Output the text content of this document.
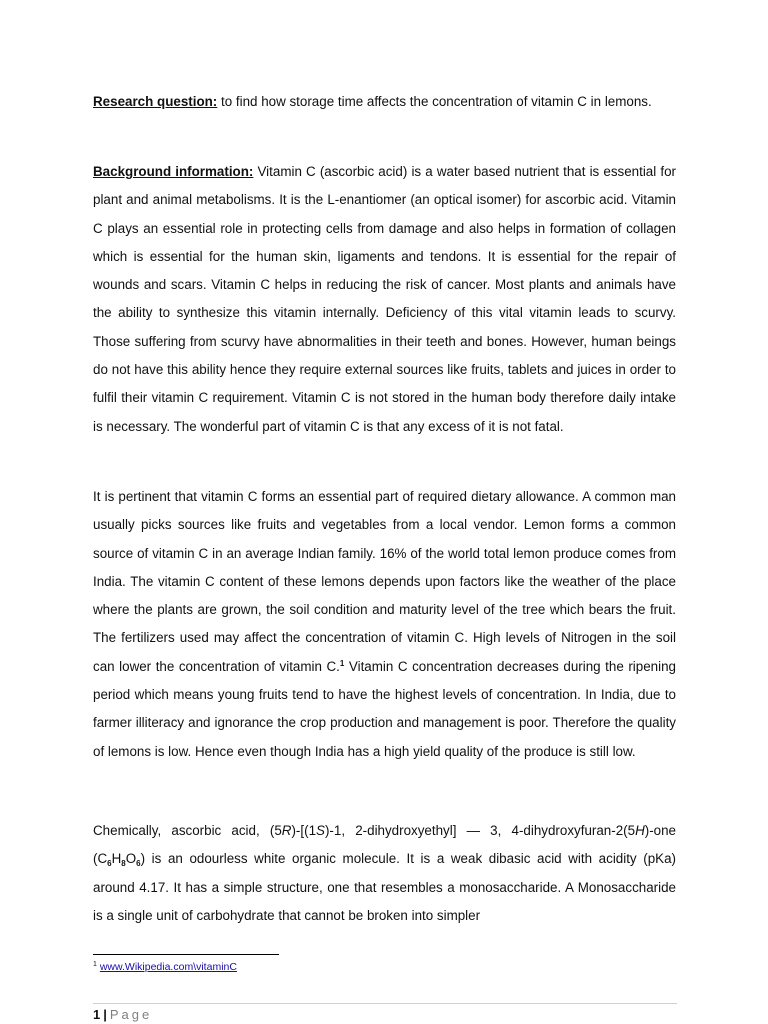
Research question: to find how storage time affects the concentration of vitamin C in lemons.

Background information: Vitamin C (ascorbic acid) is a water based nutrient that is essential for plant and animal metabolisms. It is the L-enantiomer (an optical isomer) for ascorbic acid. Vitamin C plays an essential role in protecting cells from damage and also helps in formation of collagen which is essential for the human skin, ligaments and tendons. It is essential for the repair of wounds and scars. Vitamin C helps in reducing the risk of cancer. Most plants and animals have the ability to synthesize this vitamin internally. Deficiency of this vital vitamin leads to scurvy. Those suffering from scurvy have abnormalities in their teeth and bones. However, human beings do not have this ability hence they require external sources like fruits, tablets and juices in order to fulfil their vitamin C requirement. Vitamin C is not stored in the human body therefore daily intake is necessary. The wonderful part of vitamin C is that any excess of it is not fatal.

It is pertinent that vitamin C forms an essential part of required dietary allowance. A common man usually picks sources like fruits and vegetables from a local vendor. Lemon forms a common source of vitamin C in an average Indian family. 16% of the world total lemon produce comes from India. The vitamin C content of these lemons depends upon factors like the weather of the place where the plants are grown, the soil condition and maturity level of the tree which bears the fruit. The fertilizers used may affect the concentration of vitamin C. High levels of Nitrogen in the soil can lower the concentration of vitamin C.$^1$ Vitamin C concentration decreases during the ripening period which means young fruits tend to have the highest levels of concentration. In India, due to farmer illiteracy and ignorance the crop production and management is poor. Therefore the quality of lemons is low. Hence even though India has a high yield quality of the produce is still low.

Chemically, ascorbic acid, (5R)-[(1S)-1, 2-dihydroxyethyl] — 3, 4-dihydroxyfuran-2(5H)-one $(C_6H_8O_6)$ is an odourless white organic molecule. It is a weak dibasic acid with acidity (pKa) around 4.17. It has a simple structure, one that resembles a monosaccharide. A Monosaccharide is a single unit of carbohydrate that cannot be broken into simpler

$^1$ www.Wikipedia.com\vitaminC
1 | Page
